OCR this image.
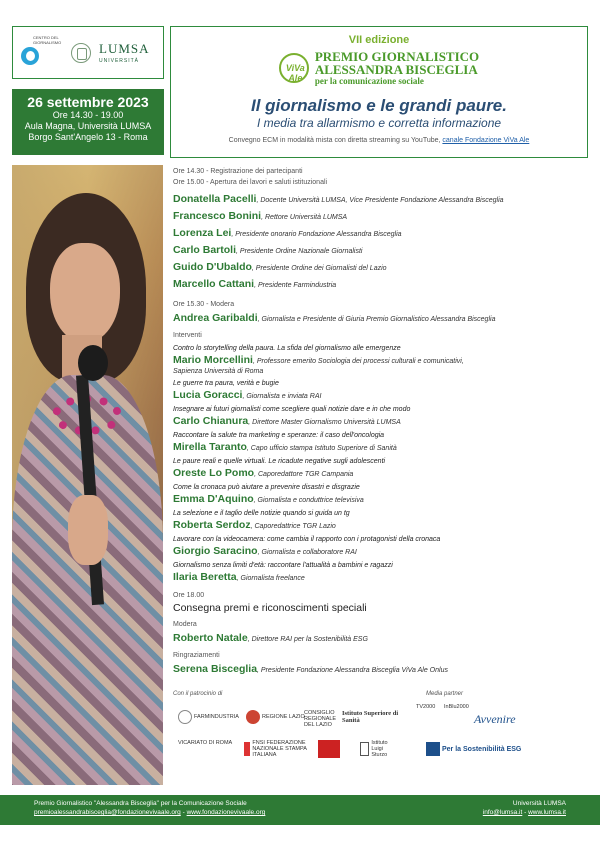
CENTRO DEL GIORNALISMO	LUMSA
UNIVERSITÀ
26 settembre 2023
Ore 14.30 - 19.00
Aula Magna, Università LUMSA
Borgo Sant'Angelo 13 - Roma
VII edizione
ViVa Ale
PREMIO GIORNALISTICO
ALESSANDRA BISCEGLIA
per la comunicazione sociale
Il giornalismo e le grandi paure.
I media tra allarmismo e corretta informazione
Convegno ECM in modalità mista con diretta streaming su YouTube, canale Fondazione ViVa Ale
Ore 14.30 - Registrazione dei partecipanti
Ore 15.00 - Apertura dei lavori e saluti istituzionali
Donatella Pacelli, Docente Università LUMSA, Vice Presidente Fondazione Alessandra Bisceglia
Francesco Bonini, Rettore Università LUMSA
Lorenza Lei, Presidente onorario Fondazione Alessandra Bisceglia
Carlo Bartoli, Presidente Ordine Nazionale Giornalisti
Guido D'Ubaldo, Presidente Ordine dei Giornalisti del Lazio
Marcello Cattani, Presidente Farmindustria
Ore 15.30 - Modera
Andrea Garibaldi, Giornalista e Presidente di Giuria Premio Giornalistico Alessandra Bisceglia
Interventi
Contro lo storytelling della paura. La sfida del giornalismo alle emergenze
Mario Morcellini, Professore emerito Sociologia dei processi culturali e comunicativi,
Sapienza Università di Roma
Le guerre tra paura, verità e bugie
Lucia Goracci, Giornalista e inviata RAI
Insegnare ai futuri giornalisti come scegliere quali notizie dare e in che modo
Carlo Chianura, Direttore Master Giornalismo Università LUMSA
Raccontare la salute tra marketing e speranze: il caso dell'oncologia
Mirella Taranto, Capo ufficio stampa Istituto Superiore di Sanità
Le paure reali e quelle virtuali. Le ricadute negative sugli adolescenti
Oreste Lo Pomo, Caporedattore TGR Campania
Come la cronaca può aiutare a prevenire disastri e disgrazie
Emma D'Aquino, Giornalista e conduttrice televisiva
La selezione e il taglio delle notizie quando si guida un tg
Roberta Serdoz, Caporedattrice TGR Lazio
Lavorare con la videocamera: come cambia il rapporto con i protagonisti della cronaca
Giorgio Saracino, Giornalista e collaboratore RAI
Giornalismo senza limiti d'età: raccontare l'attualità a bambini e ragazzi
Ilaria Beretta, Giornalista freelance
Ore 18.00
Consegna premi e riconoscimenti speciali
Modera
Roberto Natale, Direttore RAI per la Sostenibilità ESG
Ringraziamenti
Serena Bisceglia, Presidente Fondazione Alessandra Bisceglia ViVa Ale Onlus
Con il patrocinio di	Media partner
FARMINDUSTRIA	REGIONE LAZIO
CONSIGLIO REGIONALE DEL LAZIO
Istituto Superiore di Sanità
VICARIATO DI ROMA	FNSI FEDERAZIONE NAZIONALE STAMPA ITALIANA
Istituto Luigi Sturzo
TV2000 InBlu2000
Avvenire
Per la Sostenibilità ESG
Premio Giornalistico "Alessandra Bisceglia" per la Comunicazione Sociale
premioalessandrabisceglia@fondazionevivaale.org - www.fondazionevivaale.org
Università LUMSA
info@lumsa.it - www.lumsa.it
